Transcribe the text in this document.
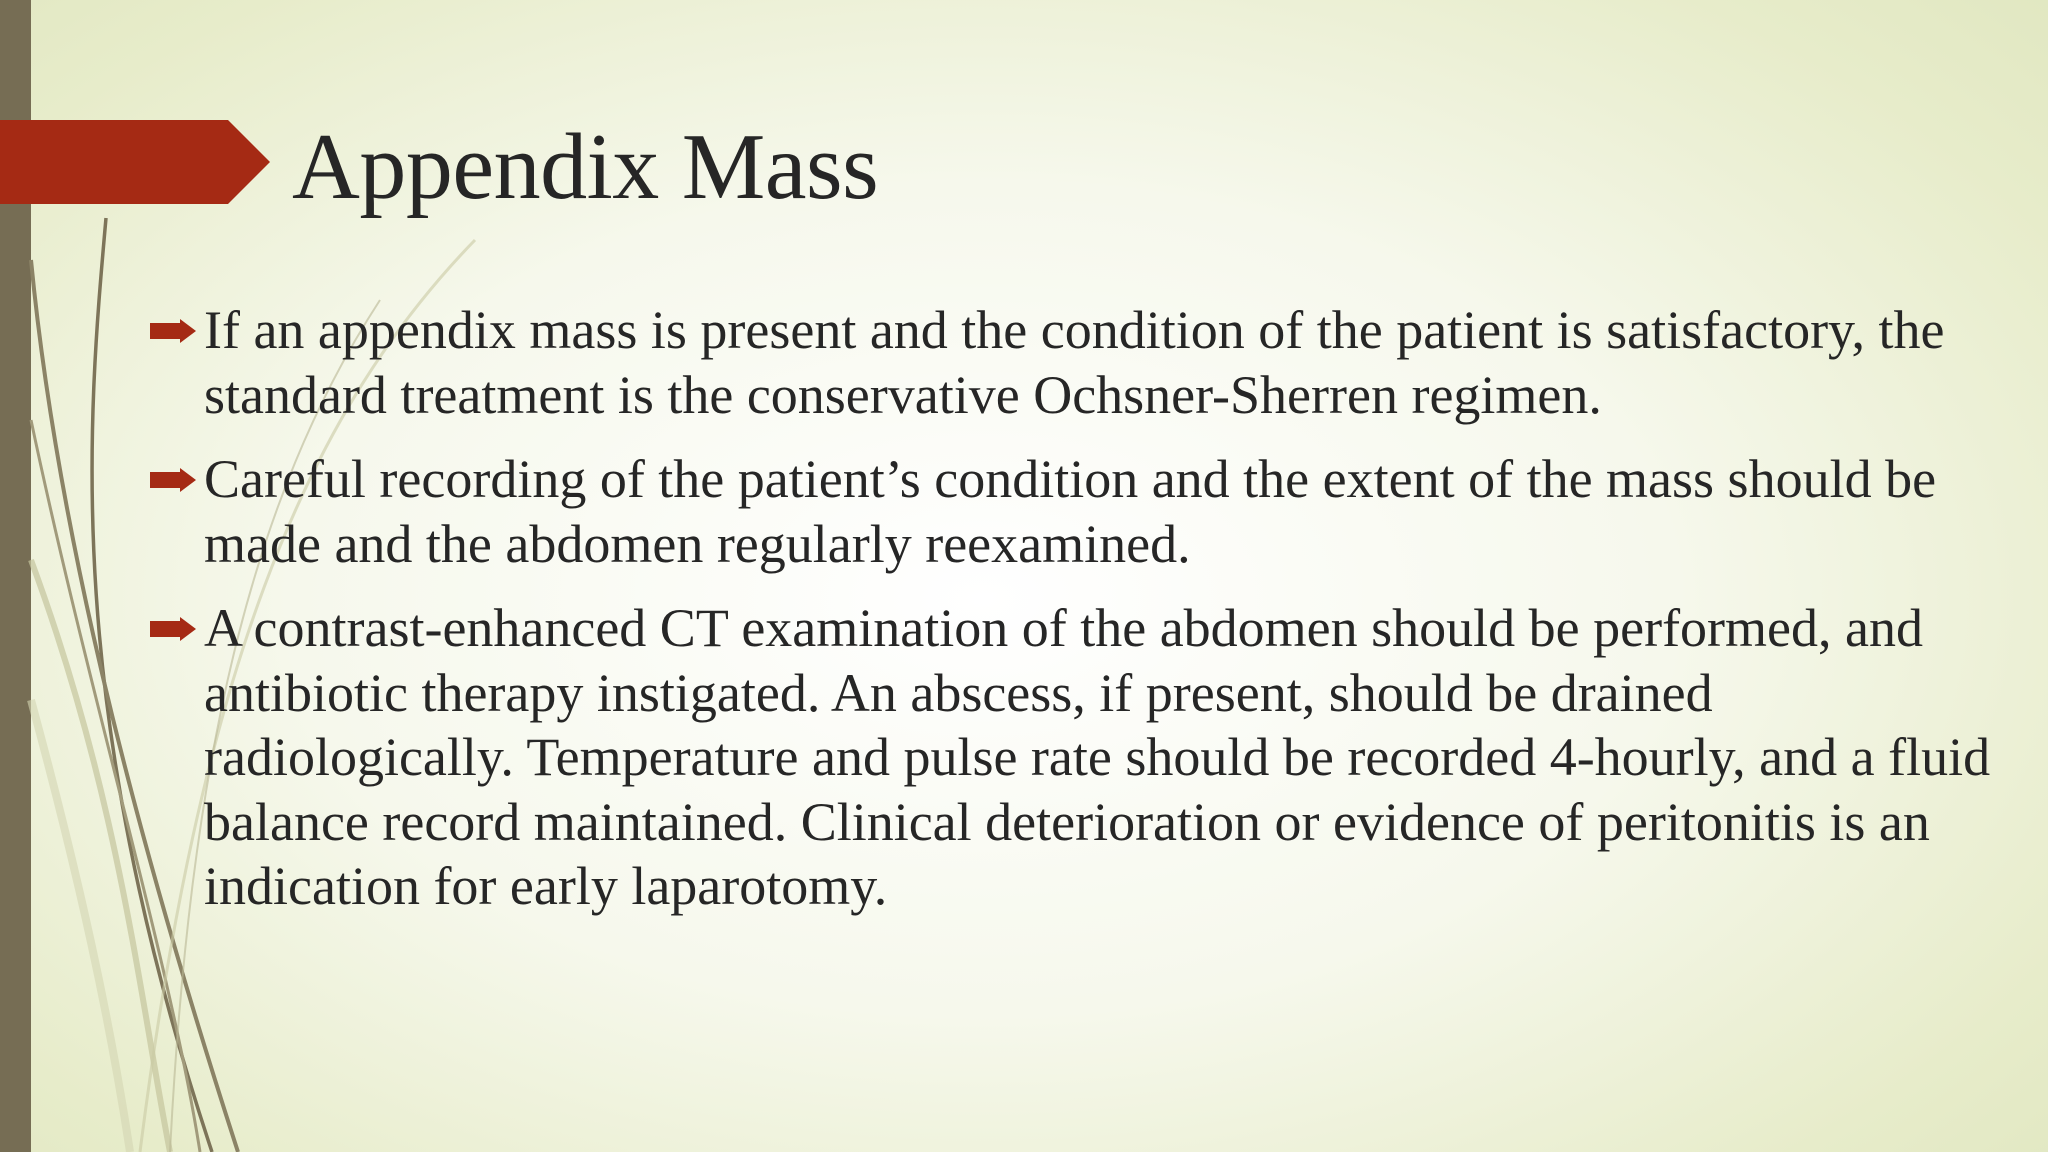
Appendix Mass
If an appendix mass is present and the condition of the patient is satisfactory, the standard treatment is the conservative Ochsner-Sherren regimen.
Careful recording of the patient’s condition and the extent of the mass should be made and the abdomen regularly reexamined.
A contrast-enhanced CT examination of the abdomen should be performed, and antibiotic therapy instigated. An abscess, if present, should be drained radiologically. Temperature and pulse rate should be recorded 4-hourly, and a fluid balance record maintained. Clinical deterioration or evidence of peritonitis is an indication for early laparotomy.
